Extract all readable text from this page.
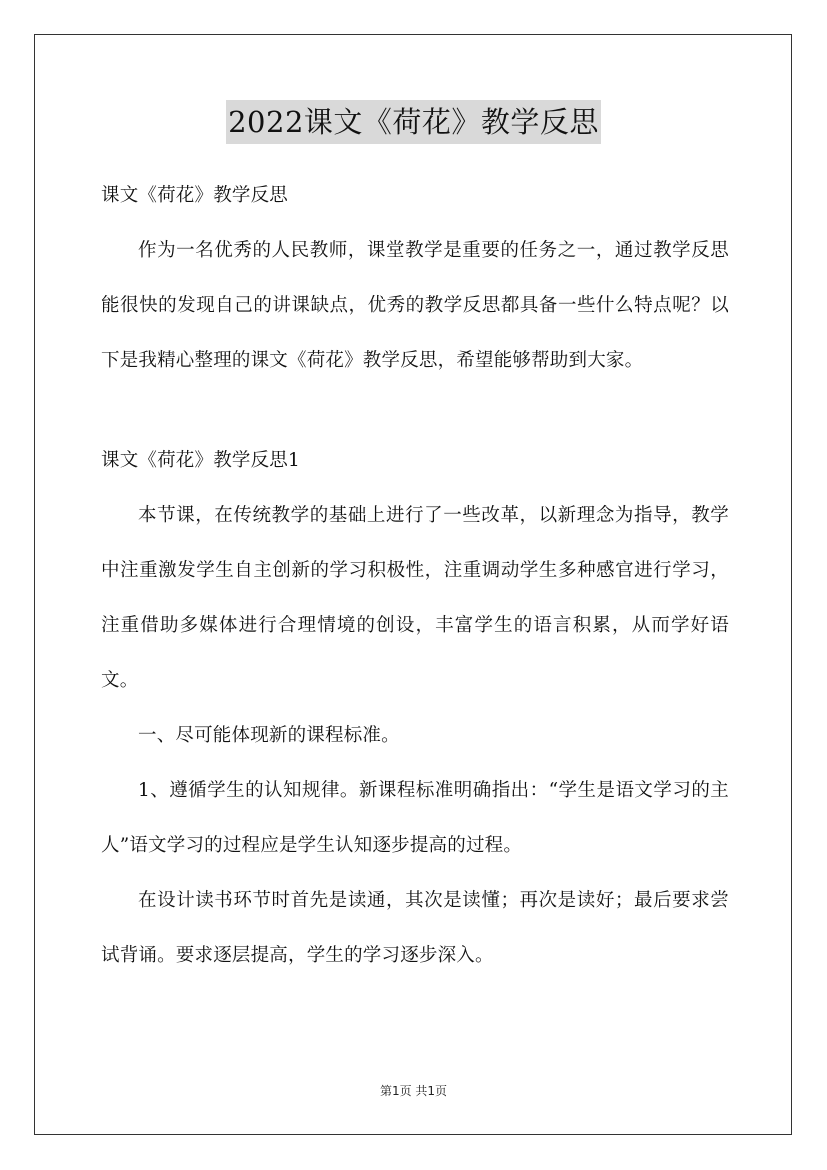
2022课文《荷花》教学反思

课文《荷花》教学反思

作为一名优秀的人民教师，课堂教学是重要的任务之一，通过教学反思能很快的发现自己的讲课缺点，优秀的教学反思都具备一些什么特点呢？以下是我精心整理的课文《荷花》教学反思，希望能够帮助到大家。

课文《荷花》教学反思1

本节课，在传统教学的基础上进行了一些改革，以新理念为指导，教学中注重激发学生自主创新的学习积极性，注重调动学生多种感官进行学习，注重借助多媒体进行合理情境的创设，丰富学生的语言积累，从而学好语文。

一、尽可能体现新的课程标准。

1、遵循学生的认知规律。新课程标准明确指出：“学生是语文学习的主人”语文学习的过程应是学生认知逐步提高的过程。

在设计读书环节时首先是读通，其次是读懂；再次是读好；最后要求尝试背诵。要求逐层提高，学生的学习逐步深入。

第1页 共1页
